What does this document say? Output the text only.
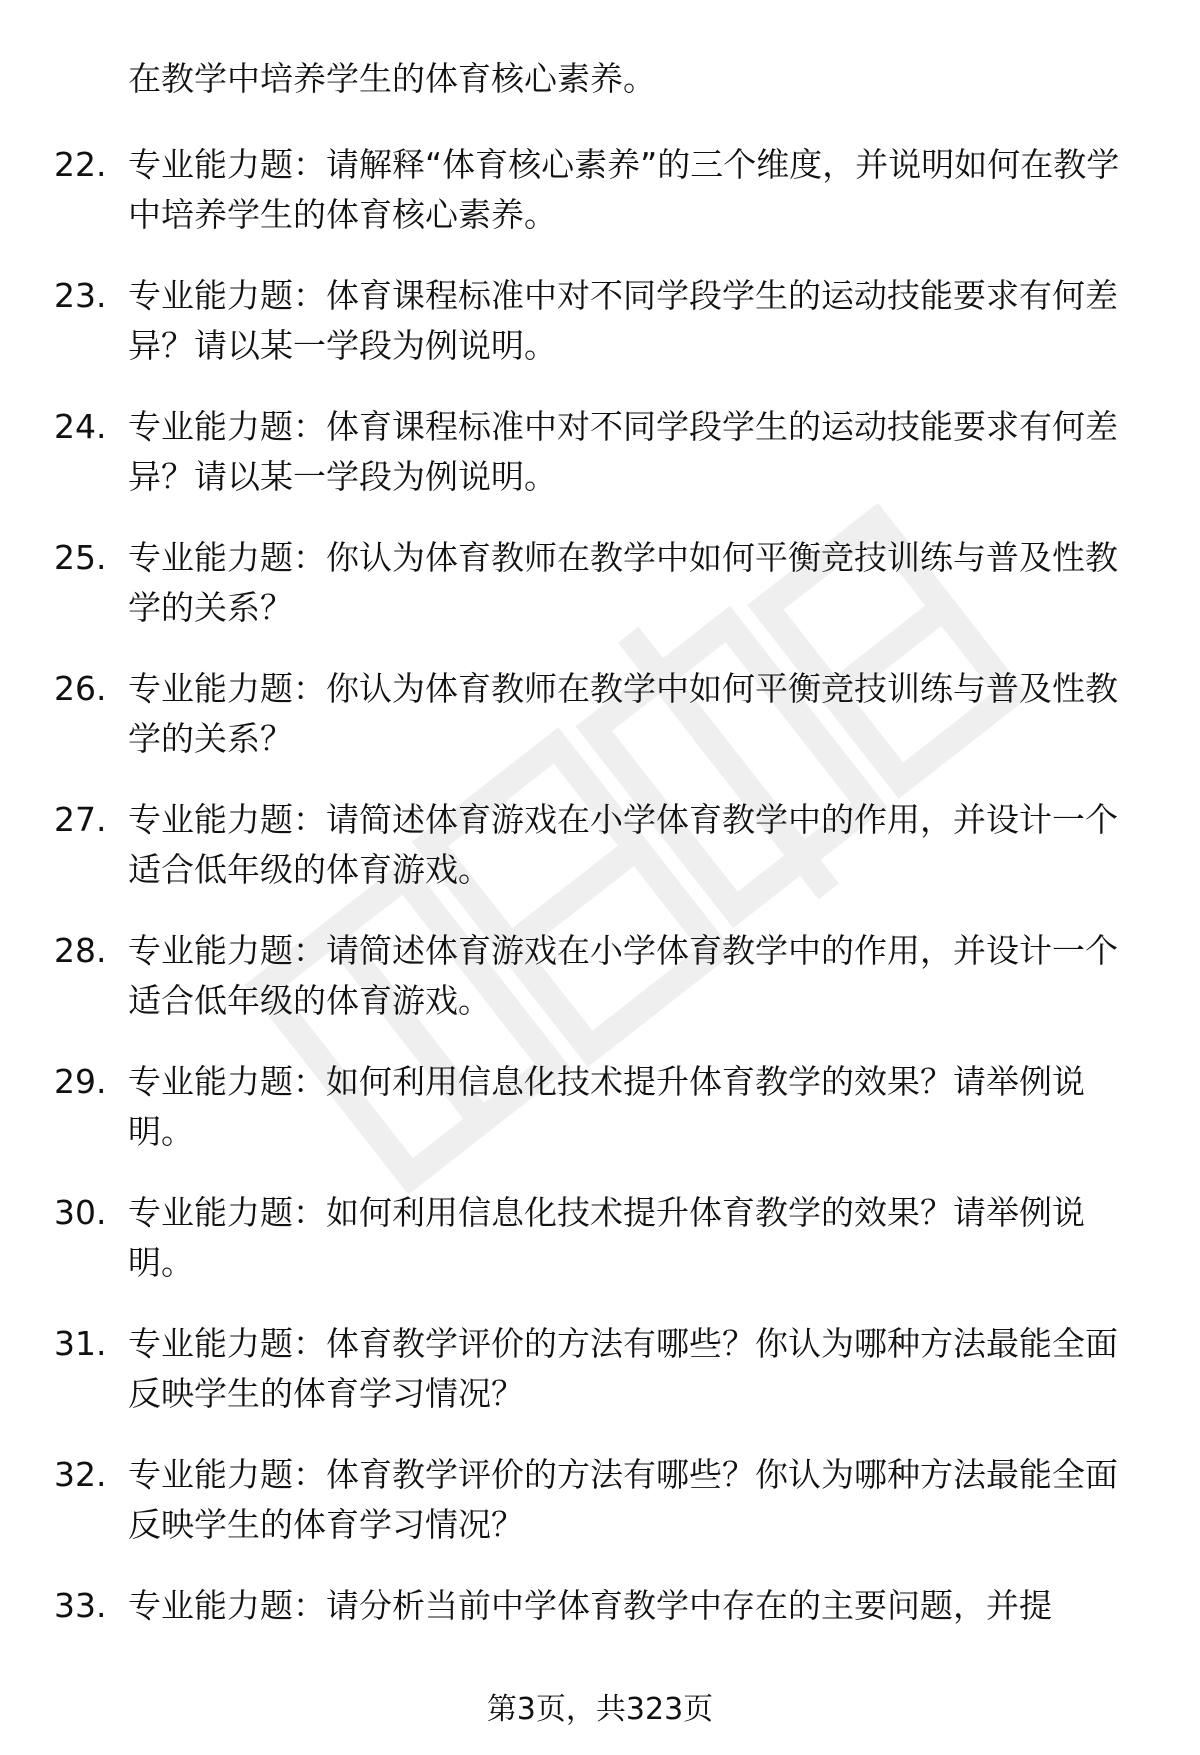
在教学中培养学生的体育核心素养。
22. 专业能力题：请解释“体育核心素养”的三个维度，并说明如何在教学中培养学生的体育核心素养。
23. 专业能力题：体育课程标准中对不同学段学生的运动技能要求有何差异？请以某一学段为例说明。
24. 专业能力题：体育课程标准中对不同学段学生的运动技能要求有何差异？请以某一学段为例说明。
25. 专业能力题：你认为体育教师在教学中如何平衡竞技训练与普及性教学的关系？
26. 专业能力题：你认为体育教师在教学中如何平衡竞技训练与普及性教学的关系？
27. 专业能力题：请简述体育游戏在小学体育教学中的作用，并设计一个适合低年级的体育游戏。
28. 专业能力题：请简述体育游戏在小学体育教学中的作用，并设计一个适合低年级的体育游戏。
29. 专业能力题：如何利用信息化技术提升体育教学的效果？请举例说明。
30. 专业能力题：如何利用信息化技术提升体育教学的效果？请举例说明。
31. 专业能力题：体育教学评价的方法有哪些？你认为哪种方法最能全面反映学生的体育学习情况？
32. 专业能力题：体育教学评价的方法有哪些？你认为哪种方法最能全面反映学生的体育学习情况？
33. 专业能力题：请分析当前中学体育教学中存在的主要问题，并提
第3页，共323页
